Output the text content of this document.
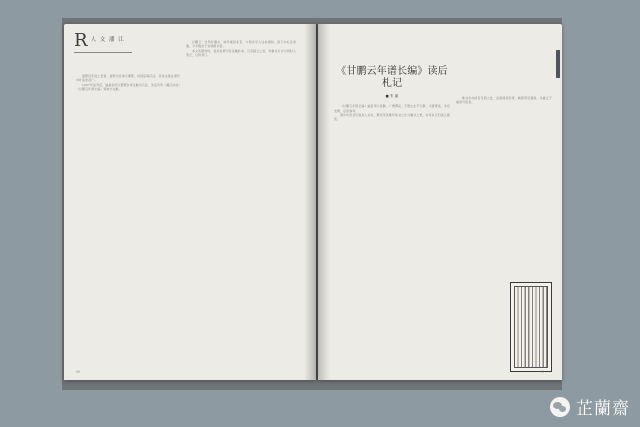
R 人 文 潘 江

康熙四年进士及第，旋即出任地方要职，历经宦海沉浮，其诗文集在清代中叶流布甚广。

1987年复刊后，编委会仍以整理乡邦文献为己任，先后刊印《潘江诗选》《甘鹏云年谱长编》等地方文献。

甘鹏云一生笃好藏书，晚年寓居北京，与同乡学人往来唱和，留下书札百余通，今多散存于各地图书馆。

本文所据材料，皆采自原刊及家藏抄本，凡有疑义之处，均参以方志与同时人笔记，以资考订。

《甘鹏云年谱长编》读后札记

■ 朱 丽

《甘鹏云年谱长编》编者用力甚勤，广搜博采，于谱主生平行事、交游著述，多有发明，足资参考。

谱中所录甘氏致友人书札，颇可见其晚年读书之乐与藏书之艰，亦可补正旧说之疏误。

惟书中亦间有可商之处，兹就阅读所得，略陈管见数则，以就正于编者与读者。

90	91
芷蘭齋
